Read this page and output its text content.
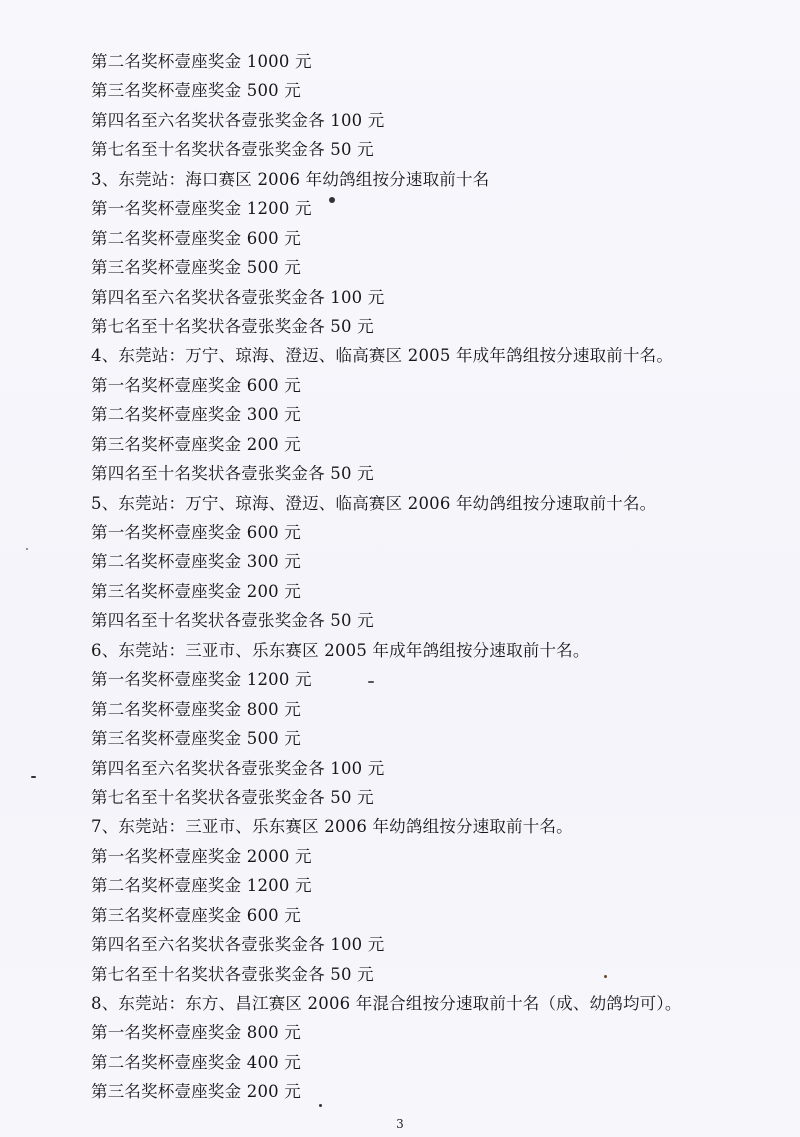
第二名奖杯壹座奖金 1000 元
第三名奖杯壹座奖金 500 元
第四名至六名奖状各壹张奖金各 100 元
第七名至十名奖状各壹张奖金各 50 元
3、东莞站：海口赛区 2006 年幼鸽组按分速取前十名
第一名奖杯壹座奖金 1200 元
第二名奖杯壹座奖金 600 元
第三名奖杯壹座奖金 500 元
第四名至六名奖状各壹张奖金各 100 元
第七名至十名奖状各壹张奖金各 50 元
4、东莞站：万宁、琼海、澄迈、临高赛区 2005 年成年鸽组按分速取前十名。
第一名奖杯壹座奖金 600 元
第二名奖杯壹座奖金 300 元
第三名奖杯壹座奖金 200 元
第四名至十名奖状各壹张奖金各 50 元
5、东莞站：万宁、琼海、澄迈、临高赛区 2006 年幼鸽组按分速取前十名。
第一名奖杯壹座奖金 600 元
第二名奖杯壹座奖金 300 元
第三名奖杯壹座奖金 200 元
第四名至十名奖状各壹张奖金各 50 元
6、东莞站：三亚市、乐东赛区 2005 年成年鸽组按分速取前十名。
第一名奖杯壹座奖金 1200 元
第二名奖杯壹座奖金 800 元
第三名奖杯壹座奖金 500 元
第四名至六名奖状各壹张奖金各 100 元
第七名至十名奖状各壹张奖金各 50 元
7、东莞站：三亚市、乐东赛区 2006 年幼鸽组按分速取前十名。
第一名奖杯壹座奖金 2000 元
第二名奖杯壹座奖金 1200 元
第三名奖杯壹座奖金 600 元
第四名至六名奖状各壹张奖金各 100 元
第七名至十名奖状各壹张奖金各 50 元
8、东莞站：东方、昌江赛区 2006 年混合组按分速取前十名（成、幼鸽均可）。
第一名奖杯壹座奖金 800 元
第二名奖杯壹座奖金 400 元
第三名奖杯壹座奖金 200 元
3
